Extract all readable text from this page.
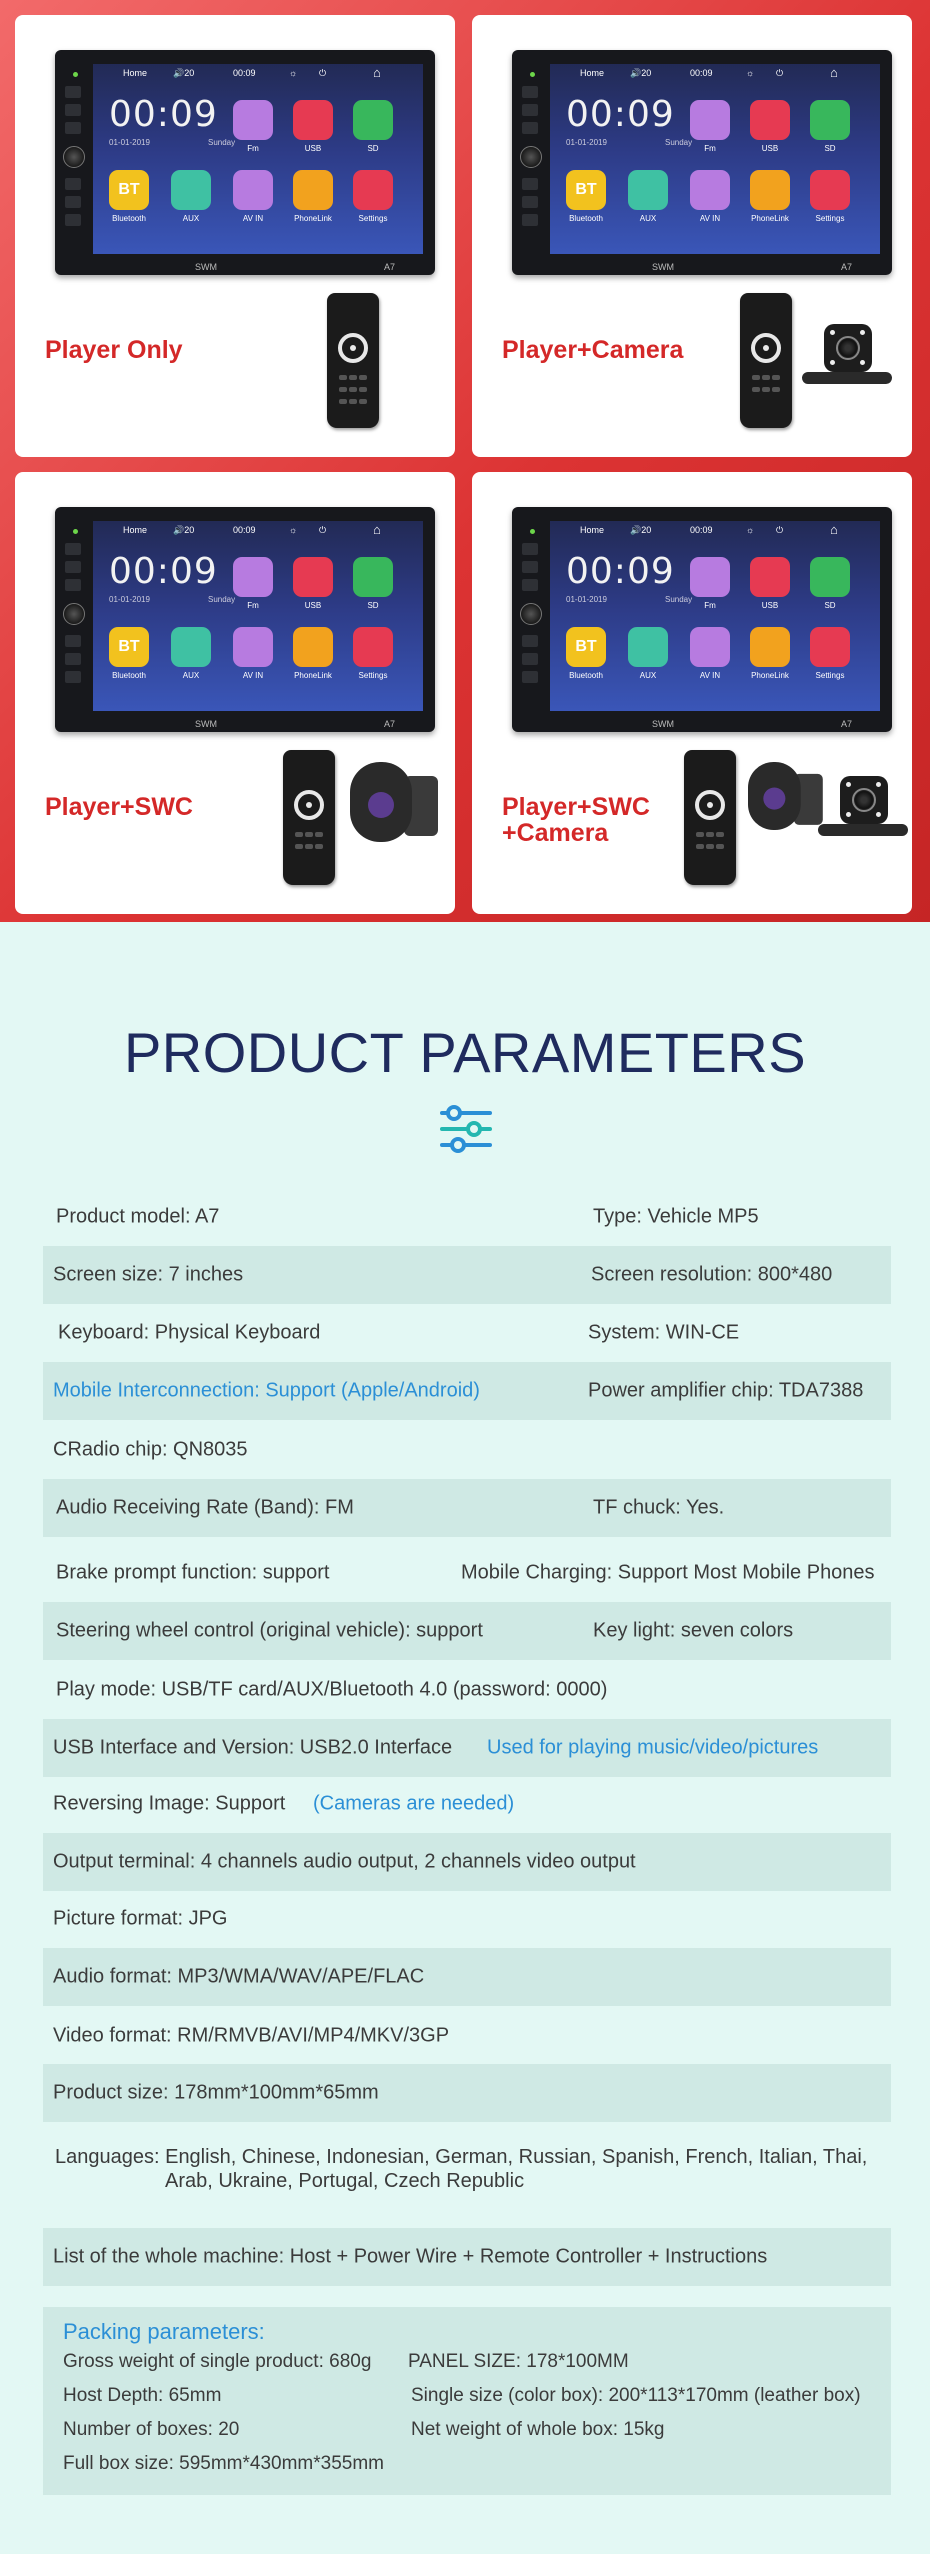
Home	🔊20	00:09	☼ ⏻	⌂
00:09
01-01-2019	Sunday
Fm	USB	SD
BT
Bluetooth	AUX	AV IN	PhoneLink	Settings
SWM	A7
Player Only
Home	🔊20	00:09	☼ ⏻	⌂
00:09
01-01-2019	Sunday
Fm	USB	SD
BT
Bluetooth	AUX	AV IN	PhoneLink	Settings
SWM	A7
Player+Camera
Home	🔊20	00:09	☼ ⏻	⌂
00:09
01-01-2019	Sunday
Fm	USB	SD
BT
Bluetooth	AUX	AV IN	PhoneLink	Settings
SWM	A7
Player+SWC
Home	🔊20	00:09	☼ ⏻	⌂
00:09
01-01-2019	Sunday
Fm	USB	SD
BT
Bluetooth	AUX	AV IN	PhoneLink	Settings
SWM	A7
Player+SWC
+Camera
PRODUCT PARAMETERS
Product model: A7	Type: Vehicle MP5
Screen size: 7 inches	Screen resolution: 800*480
Keyboard: Physical Keyboard	System: WIN-CE
Mobile Interconnection: Support (Apple/Android)	Power amplifier chip: TDA7388
CRadio chip: QN8035
Audio Receiving Rate (Band): FM	TF chuck: Yes.
Brake prompt function: support	Mobile Charging: Support Most Mobile Phones
Steering wheel control (original vehicle): support	Key light: seven colors
Play mode: USB/TF card/AUX/Bluetooth 4.0 (password: 0000)
USB Interface and Version: USB2.0 Interface Used for playing music/video/pictures
Reversing Image: Support (Cameras are needed)
Output terminal: 4 channels audio output, 2 channels video output
Picture format: JPG
Audio format: MP3/WMA/WAV/APE/FLAC
Video format: RM/RMVB/AVI/MP4/MKV/3GP
Product size: 178mm*100mm*65mm
Languages: English, Chinese, Indonesian, German, Russian, Spanish, French, Italian, Thai,
Arab, Ukraine, Portugal, Czech Republic
List of the whole machine: Host + Power Wire + Remote Controller + Instructions
Packing parameters:
Gross weight of single product: 680g PANEL SIZE: 178*100MM
Host Depth: 65mm	Single size (color box): 200*113*170mm (leather box)
Number of boxes: 20	Net weight of whole box: 15kg
Full box size: 595mm*430mm*355mm
